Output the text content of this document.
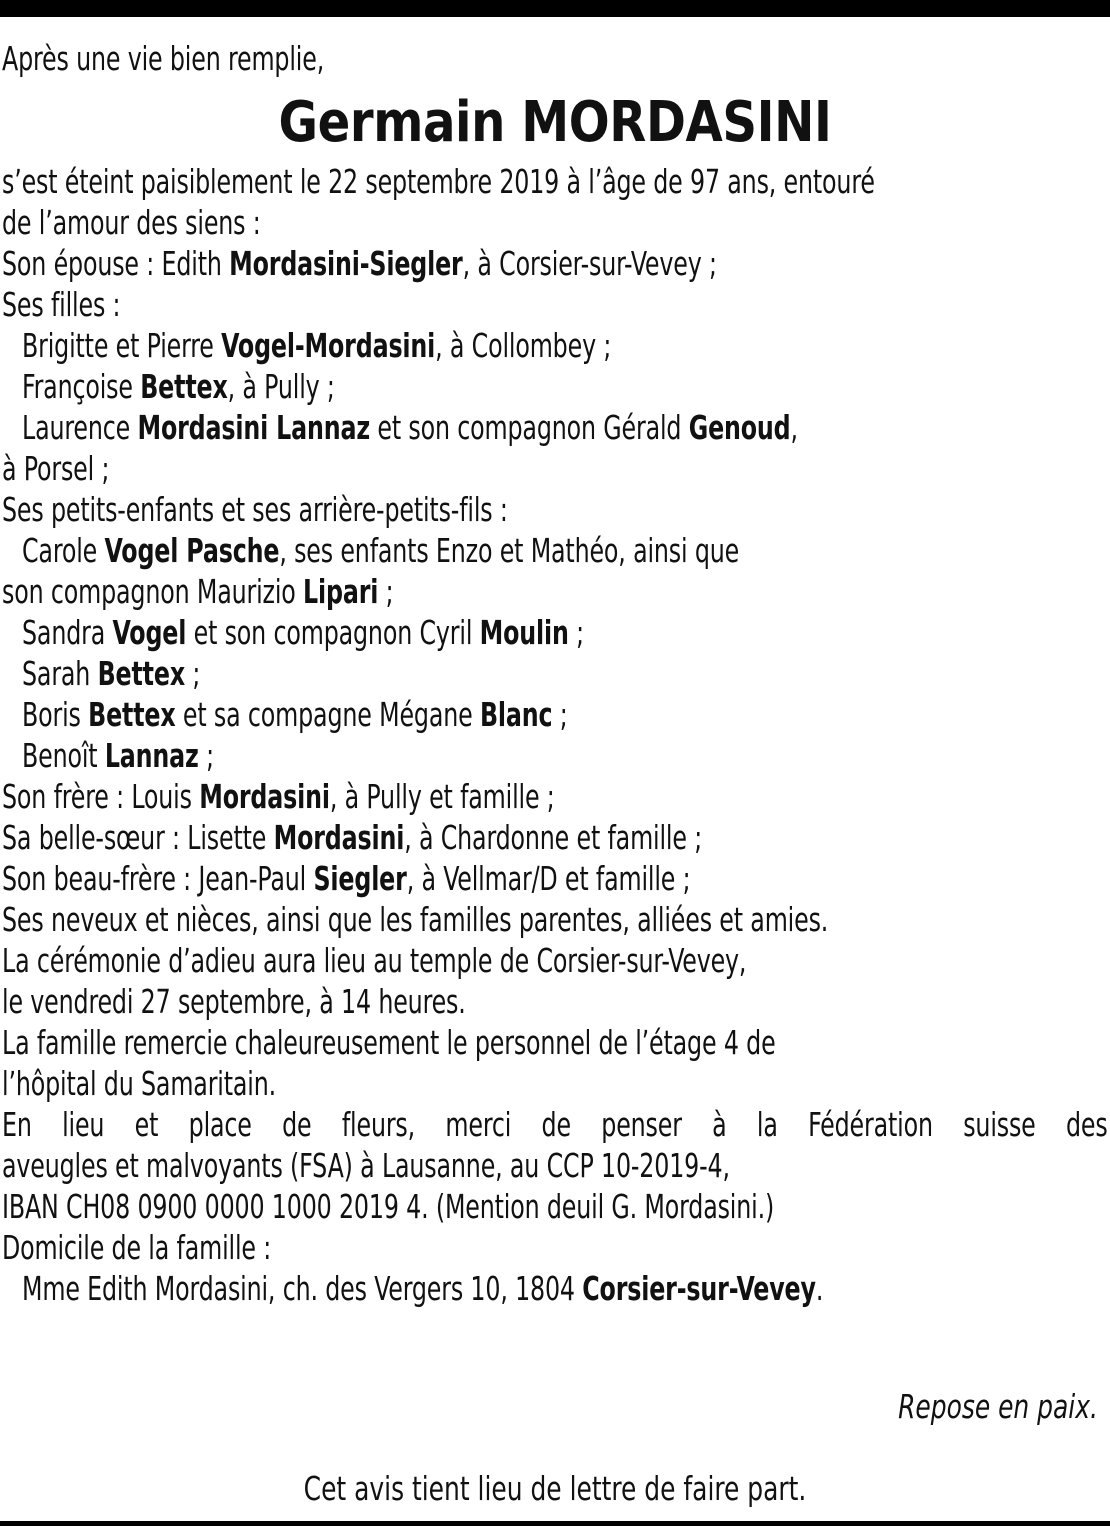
Après une vie bien remplie,
Germain MORDASINI
s’est éteint paisiblement le 22 septembre 2019 à l’âge de 97 ans, entouré
de l’amour des siens :
Son épouse : Edith Mordasini-Siegler, à Corsier-sur-Vevey ;
Ses filles :
Brigitte et Pierre Vogel-Mordasini, à Collombey ;
Françoise Bettex, à Pully ;
Laurence Mordasini Lannaz et son compagnon Gérald Genoud,
à Porsel ;
Ses petits-enfants et ses arrière-petits-fils :
Carole Vogel Pasche, ses enfants Enzo et Mathéo, ainsi que
son compagnon Maurizio Lipari ;
Sandra Vogel et son compagnon Cyril Moulin ;
Sarah Bettex ;
Boris Bettex et sa compagne Mégane Blanc ;
Benoît Lannaz ;
Son frère : Louis Mordasini, à Pully et famille ;
Sa belle-sœur : Lisette Mordasini, à Chardonne et famille ;
Son beau-frère : Jean-Paul Siegler, à Vellmar/D et famille ;
Ses neveux et nièces, ainsi que les familles parentes, alliées et amies.
La cérémonie d’adieu aura lieu au temple de Corsier-sur-Vevey,
le vendredi 27 septembre, à 14 heures.
La famille remercie chaleureusement le personnel de l’étage 4 de
l’hôpital du Samaritain.
En lieu et place de fleurs, merci de penser à la Fédération suisse des
aveugles et malvoyants (FSA) à Lausanne, au CCP 10-2019-4,
IBAN CH08 0900 0000 1000 2019 4. (Mention deuil G. Mordasini.)
Domicile de la famille :
Mme Edith Mordasini, ch. des Vergers 10, 1804 Corsier-sur-Vevey.
Repose en paix.
Cet avis tient lieu de lettre de faire part.
